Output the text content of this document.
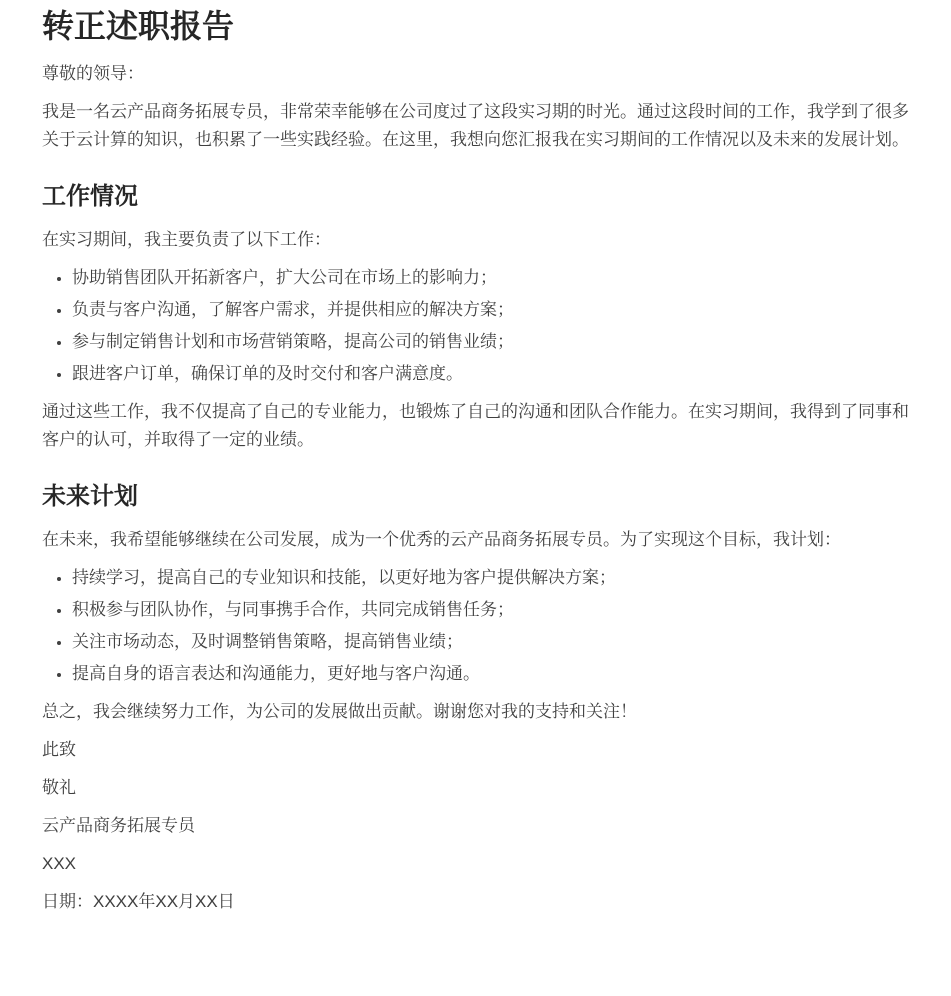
转正述职报告

尊敬的领导：

我是一名云产品商务拓展专员，非常荣幸能够在公司度过了这段实习期的时光。通过这段时间的工作，我学到了很多关于云计算的知识，也积累了一些实践经验。在这里，我想向您汇报我在实习期间的工作情况以及未来的发展计划。

工作情况

在实习期间，我主要负责了以下工作：

• 协助销售团队开拓新客户，扩大公司在市场上的影响力；
• 负责与客户沟通，了解客户需求，并提供相应的解决方案；
• 参与制定销售计划和市场营销策略，提高公司的销售业绩；
• 跟进客户订单，确保订单的及时交付和客户满意度。

通过这些工作，我不仅提高了自己的专业能力，也锻炼了自己的沟通和团队合作能力。在实习期间，我得到了同事和客户的认可，并取得了一定的业绩。

未来计划

在未来，我希望能够继续在公司发展，成为一个优秀的云产品商务拓展专员。为了实现这个目标，我计划：

• 持续学习，提高自己的专业知识和技能，以更好地为客户提供解决方案；
• 积极参与团队协作，与同事携手合作，共同完成销售任务；
• 关注市场动态，及时调整销售策略，提高销售业绩；
• 提高自身的语言表达和沟通能力，更好地与客户沟通。

总之，我会继续努力工作，为公司的发展做出贡献。谢谢您对我的支持和关注！

此致

敬礼

云产品商务拓展专员

XXX

日期：XXXX年XX月XX日
